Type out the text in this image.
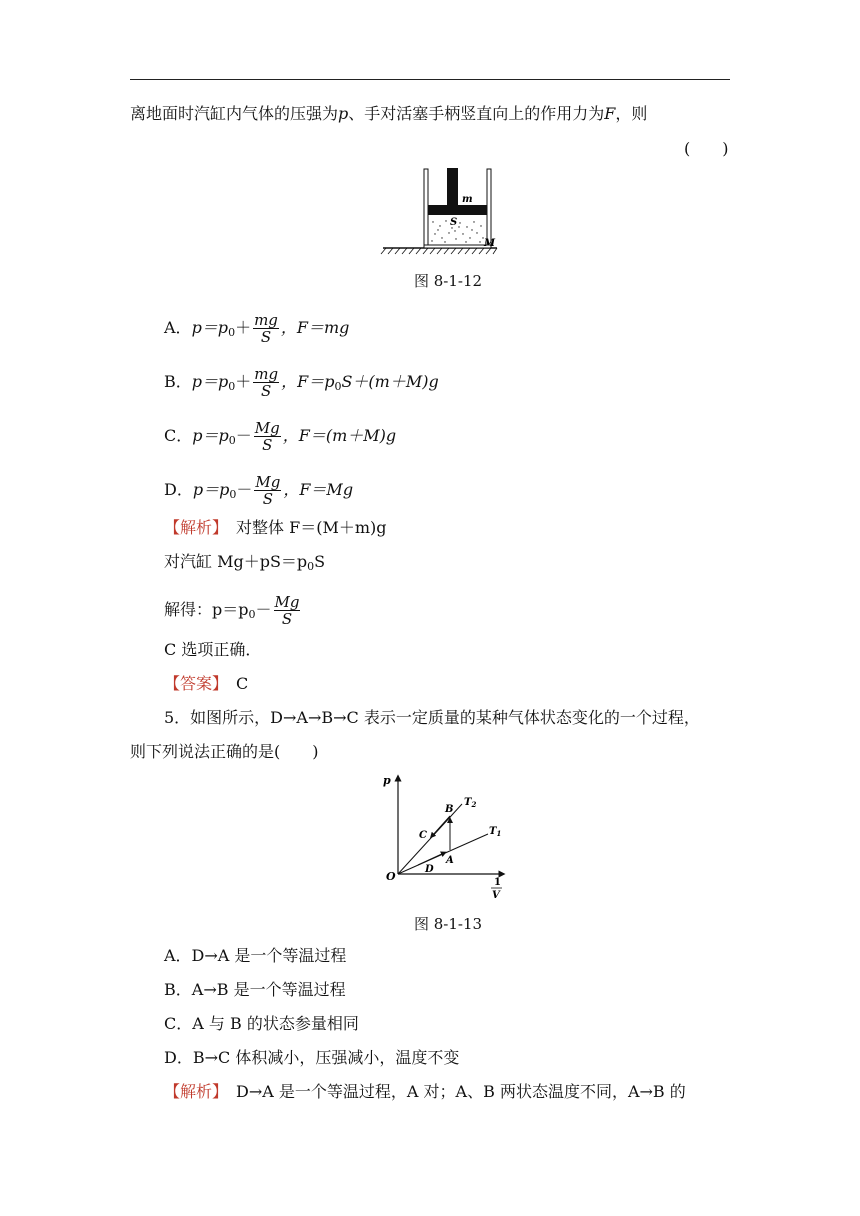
离地面时汽缸内气体的压强为p、手对活塞手柄竖直向上的作用力为F，则
(　　)
m
S
M
图 8-1-12
A．$p=p_0+ \frac{mg}{S}$ ，F＝mg
B．$p=p_0+ \frac{mg}{S}$ ，$F=p_0S+(m+M)g$
C．$p=p_0- \frac{Mg}{S}$ ，F＝(m＋M)g
D．$p=p_0- \frac{Mg}{S}$ ，F＝Mg
【解析】　 对整体 F＝(M＋m)g
对汽缸 $Mg+pS=p_0S$
解得：$p=p_0- \frac{Mg}{S}$
C 选项正确．
【答案】　 C
5．如图所示，D→A→B→C 表示一定质量的某种气体状态变化的一个过程，
则下列说法正确的是(　　)
p
1
V
O
$T_2$
$T_1$
B
A
C
D
图 8-1-13
A．D→A 是一个等温过程
B．A→B 是一个等温过程
C．A 与 B 的状态参量相同
D．B→C 体积减小，压强减小，温度不变
【解析】　 D→A 是一个等温过程，A 对；A、B 两状态温度不同，A→B 的
